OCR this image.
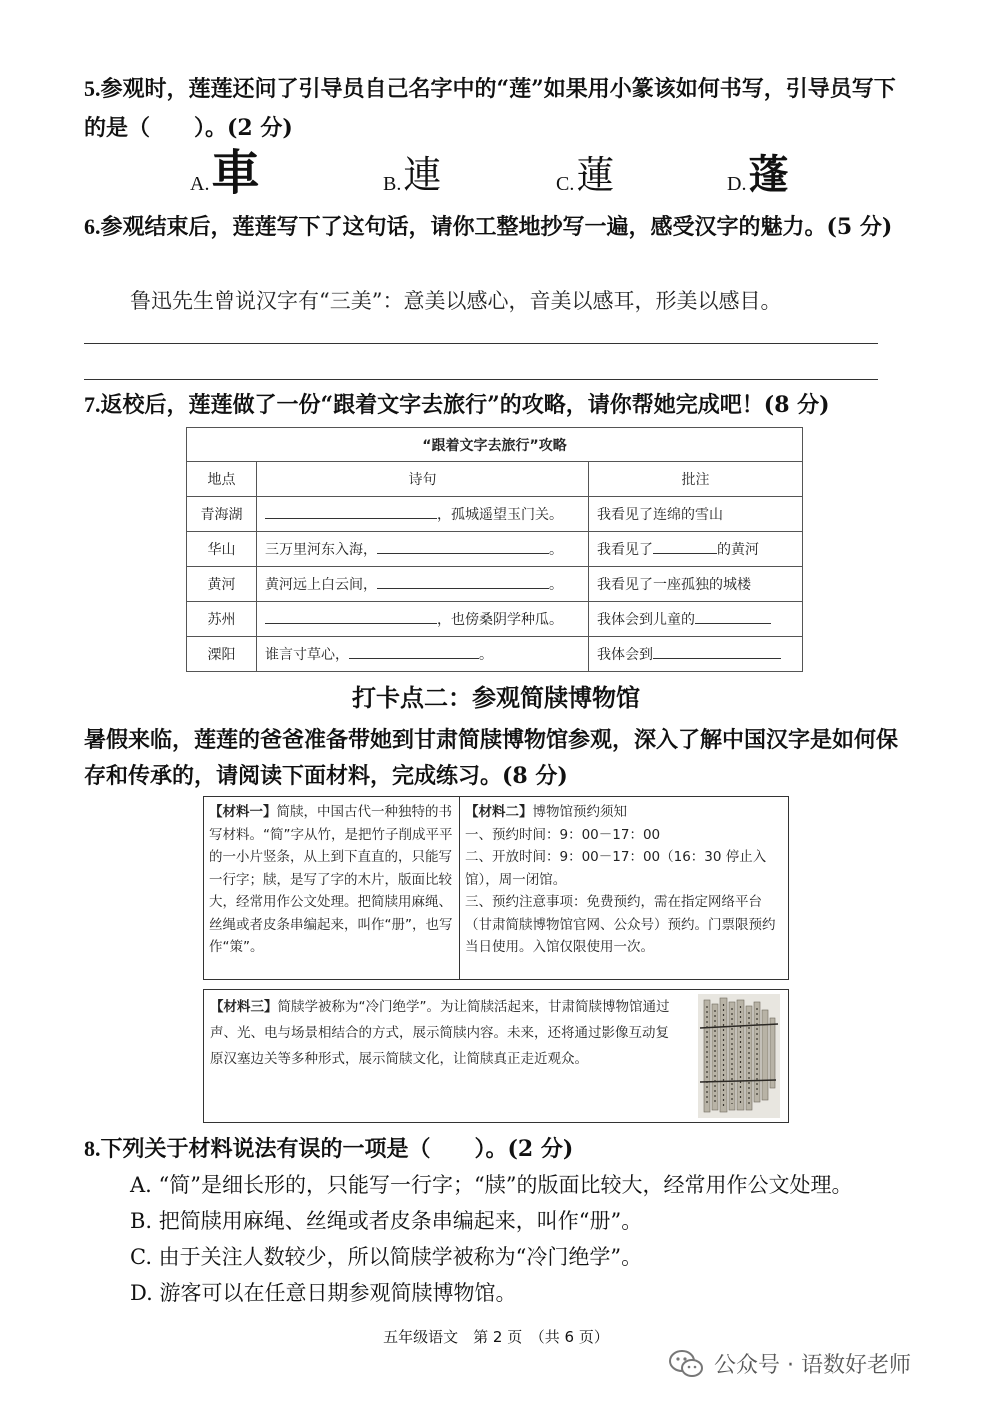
5.参观时，莲莲还问了引导员自己名字中的“莲”如果用小篆该如何书写，引导员写下的是（　　）。(2 分)
A. 車	B. 連	C. 蓮	D. 蓬
6.参观结束后，莲莲写下了这句话，请你工整地抄写一遍，感受汉字的魅力。(5 分)
鲁迅先生曾说汉字有“三美”：意美以感心，音美以感耳，形美以感目。
7.返校后，莲莲做了一份“跟着文字去旅行”的攻略，请你帮她完成吧！(8 分)
“跟着文字去旅行”攻略		
地点	诗句	批注
青海湖	，孤城遥望玉门关。	我看见了连绵的雪山
华山	三万里河东入海， 。	我看见了 的黄河
黄河	黄河远上白云间， 。	我看见了一座孤独的城楼
苏州	，也傍桑阴学种瓜。	我体会到儿童的
溧阳	谁言寸草心， 。	我体会到
打卡点二：参观简牍博物馆
暑假来临，莲莲的爸爸准备带她到甘肃简牍博物馆参观，深入了解中国汉字是如何保存和传承的，请阅读下面材料，完成练习。(8 分)
【材料一】简牍，中国古代一种独特的书写材料。“简”字从竹，是把竹子削成平平的一小片竖条，从上到下直直的，只能写一行字；牍，是写了字的木片，版面比较大，经常用作公文处理。把简牍用麻绳、丝绳或者皮条串编起来，叫作“册”，也写作“策”。
【材料二】博物馆预约须知
一、预约时间：9：00－17：00
二、开放时间：9：00－17：00（16：30 停止入馆），周一闭馆。
三、预约注意事项：免费预约，需在指定网络平台（甘肃简牍博物馆官网、公众号）预约。门票限预约当日使用。入馆仅限使用一次。
【材料三】简牍学被称为“冷门绝学”。为让简牍活起来，甘肃简牍博物馆通过声、光、电与场景相结合的方式，展示简牍内容。未来，还将通过影像互动复原汉塞边关等多种形式，展示简牍文化，让简牍真正走近观众。
8.下列关于材料说法有误的一项是（　　）。(2 分)
A. “简”是细长形的，只能写一行字；“牍”的版面比较大，经常用作公文处理。
B. 把简牍用麻绳、丝绳或者皮条串编起来，叫作“册”。
C. 由于关注人数较少，所以简牍学被称为“冷门绝学”。
D. 游客可以在任意日期参观简牍博物馆。
五年级语文　第 2 页　（共 6 页）
公众号 · 语数好老师
